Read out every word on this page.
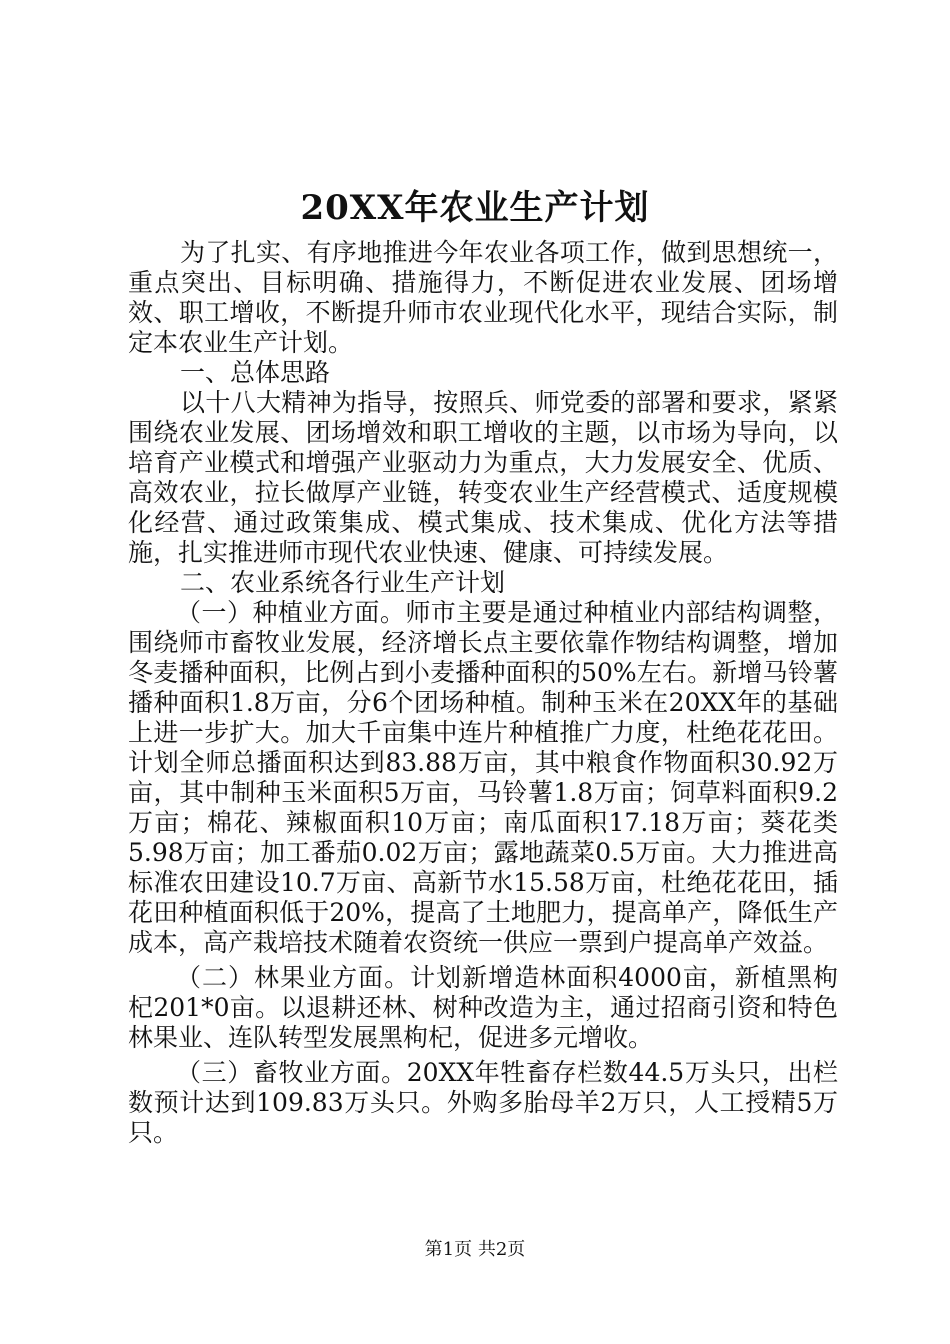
20XX年农业生产计划

为了扎实、有序地推进今年农业各项工作，做到思想统一，重点突出、目标明确、措施得力，不断促进农业发展、团场增效、职工增收，不断提升师市农业现代化水平，现结合实际，制定本农业生产计划。

一、总体思路

以十八大精神为指导，按照兵、师党委的部署和要求，紧紧围绕农业发展、团场增效和职工增收的主题，以市场为导向，以培育产业模式和增强产业驱动力为重点，大力发展安全、优质、高效农业，拉长做厚产业链，转变农业生产经营模式、适度规模化经营、通过政策集成、模式集成、技术集成、优化方法等措施，扎实推进师市现代农业快速、健康、可持续发展。

二、农业系统各行业生产计划

（一）种植业方面。师市主要是通过种植业内部结构调整，围绕师市畜牧业发展，经济增长点主要依靠作物结构调整，增加冬麦播种面积，比例占到小麦播种面积的50%左右。新增马铃薯播种面积1.8万亩，分6个团场种植。制种玉米在20XX年的基础上进一步扩大。加大千亩集中连片种植推广力度，杜绝花花田。计划全师总播面积达到83.88万亩，其中粮食作物面积30.92万亩，其中制种玉米面积5万亩，马铃薯1.8万亩；饲草料面积9.2万亩；棉花、辣椒面积10万亩；南瓜面积17.18万亩；葵花类5.98万亩；加工番茄0.02万亩；露地蔬菜0.5万亩。大力推进高标准农田建设10.7万亩、高新节水15.58万亩，杜绝花花田，插花田种植面积低于20%，提高了土地肥力，提高单产，降低生产成本，高产栽培技术随着农资统一供应一票到户提高单产效益。

（二）林果业方面。计划新增造林面积4000亩，新植黑枸杞201*0亩。以退耕还林、树种改造为主，通过招商引资和特色林果业、连队转型发展黑枸杞，促进多元增收。

（三）畜牧业方面。20XX年牲畜存栏数44.5万头只，出栏数预计达到109.83万头只。外购多胎母羊2万只，人工授精5万只。

第1页 共2页
